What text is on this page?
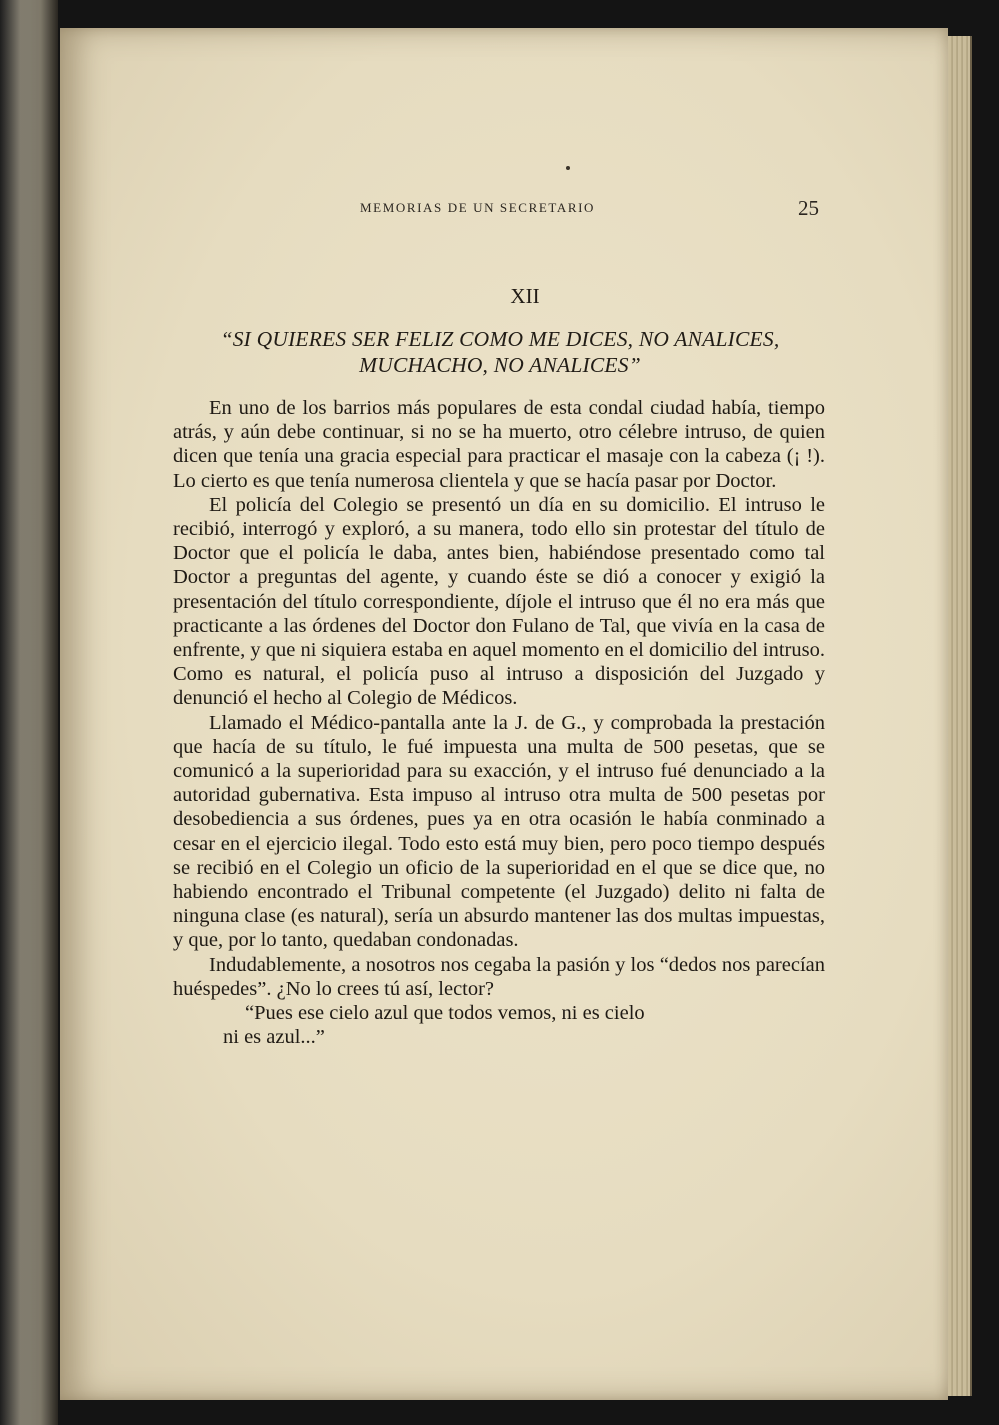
MEMORIAS DE UN SECRETARIO	25
XII
“SI QUIERES SER FELIZ COMO ME DICES, NO ANALICES,
MUCHACHO, NO ANALICES”

En uno de los barrios más populares de esta condal ciudad había, tiempo atrás, y aún debe continuar, si no se ha muerto, otro célebre intruso, de quien dicen que tenía una gracia especial para practicar el masaje con la cabeza (¡ !). Lo cierto es que tenía numerosa clientela y que se hacía pasar por Doctor.

El policía del Colegio se presentó un día en su domicilio. El intruso le recibió, interrogó y exploró, a su manera, todo ello sin protestar del título de Doctor que el policía le daba, antes bien, habiéndose presentado como tal Doctor a preguntas del agente, y cuando éste se dió a conocer y exigió la presentación del título correspondiente, díjole el intruso que él no era más que practicante a las órdenes del Doctor don Fulano de Tal, que vivía en la casa de enfrente, y que ni siquiera estaba en aquel momento en el domicilio del intruso. Como es natural, el policía puso al intruso a disposición del Juzgado y denunció el hecho al Colegio de Médicos.

Llamado el Médico-pantalla ante la J. de G., y comprobada la prestación que hacía de su título, le fué impuesta una multa de 500 pesetas, que se comunicó a la superioridad para su exacción, y el intruso fué denunciado a la autoridad gubernativa. Esta impuso al intruso otra multa de 500 pesetas por desobediencia a sus órdenes, pues ya en otra ocasión le había conminado a cesar en el ejercicio ilegal. Todo esto está muy bien, pero poco tiempo después se recibió en el Colegio un oficio de la superioridad en el que se dice que, no habiendo encontrado el Tribunal competente (el Juzgado) delito ni falta de ninguna clase (es natural), sería un absurdo mantener las dos multas impuestas, y que, por lo tanto, quedaban condonadas.

Indudablemente, a nosotros nos cegaba la pasión y los “dedos nos parecían huéspedes”. ¿No lo crees tú así, lector?

“Pues ese cielo azul que todos vemos, ni es cielo
ni es azul...”
